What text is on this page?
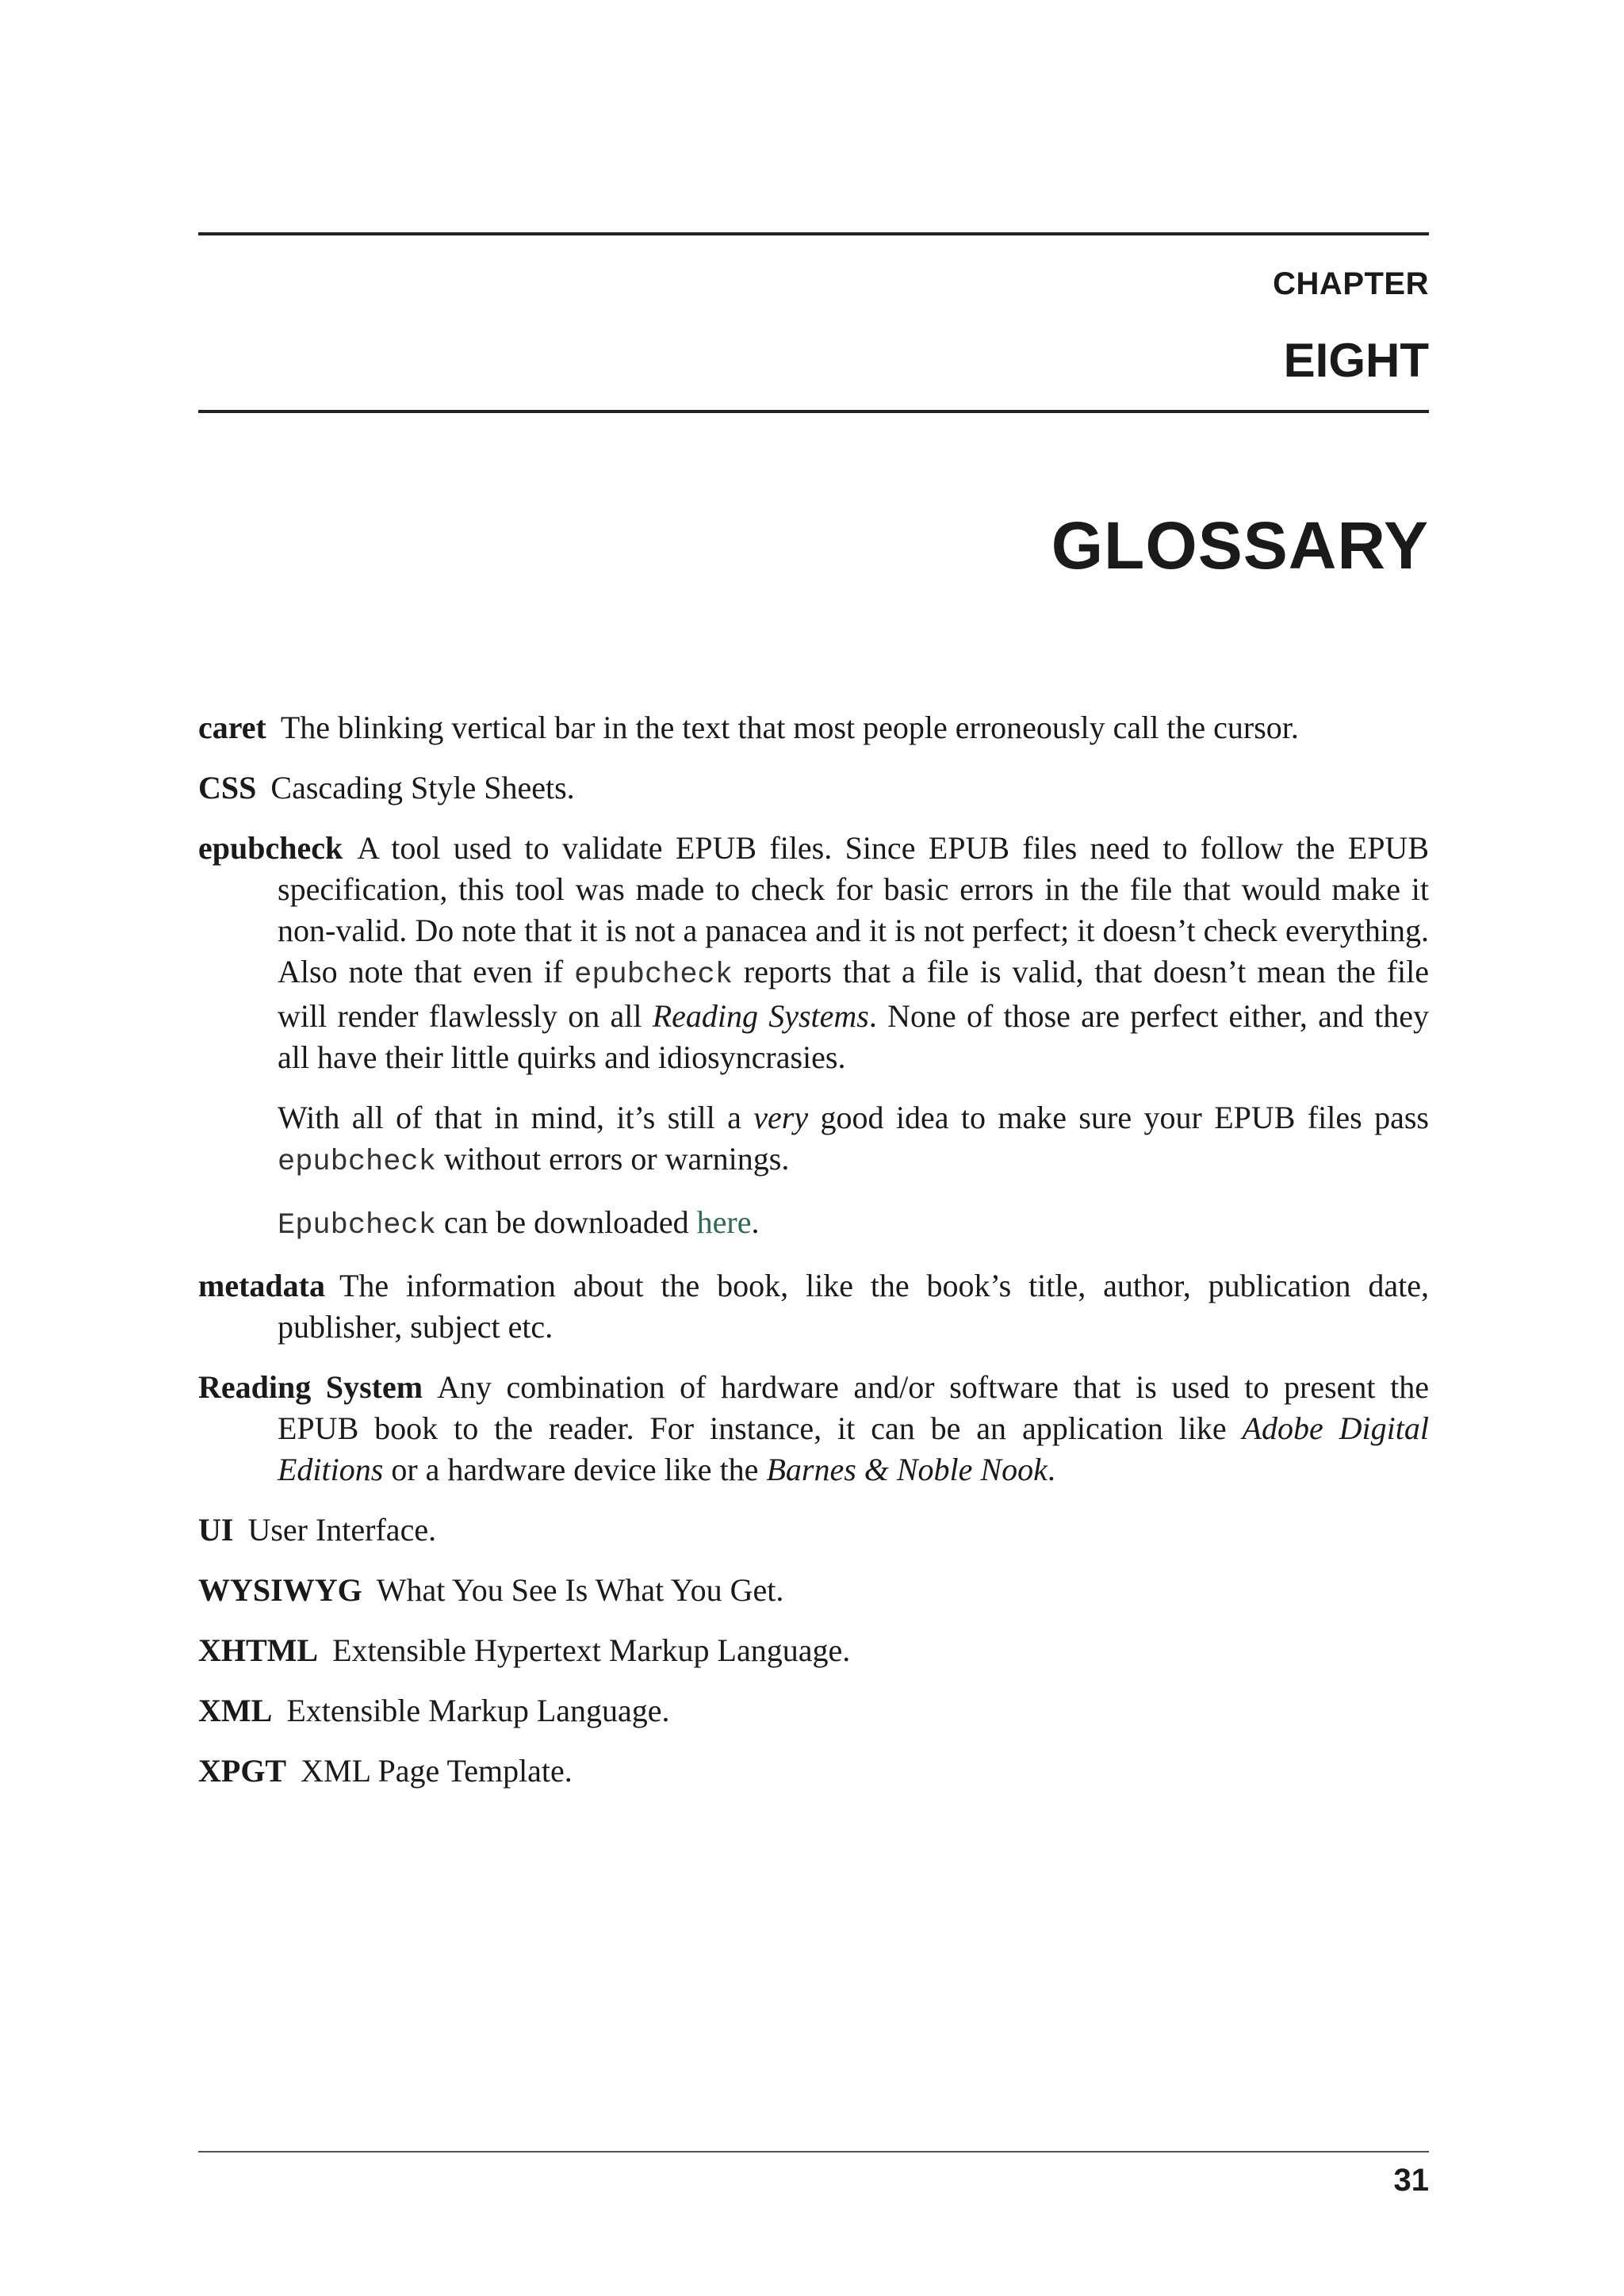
CHAPTER
EIGHT
GLOSSARY

caret The blinking vertical bar in the text that most people erroneously call the cursor.

CSS Cascading Style Sheets.

epubcheck A tool used to validate EPUB files. Since EPUB files need to follow the EPUB specification, this tool was made to check for basic errors in the file that would make it non-valid. Do note that it is not a panacea and it is not perfect; it doesn’t check everything. Also note that even if epubcheck reports that a file is valid, that doesn’t mean the file will render flawlessly on all Reading Systems. None of those are perfect either, and they all have their little quirks and idiosyncrasies.

With all of that in mind, it’s still a very good idea to make sure your EPUB files pass epubcheck without errors or warnings.

Epubcheck can be downloaded here.

metadata The information about the book, like the book’s title, author, publication date, publisher, subject etc.

Reading System Any combination of hardware and/or software that is used to present the EPUB book to the reader. For instance, it can be an application like Adobe Digital Editions or a hardware device like the Barnes & Noble Nook.

UI User Interface.

WYSIWYG What You See Is What You Get.

XHTML Extensible Hypertext Markup Language.

XML Extensible Markup Language.

XPGT XML Page Template.

31
